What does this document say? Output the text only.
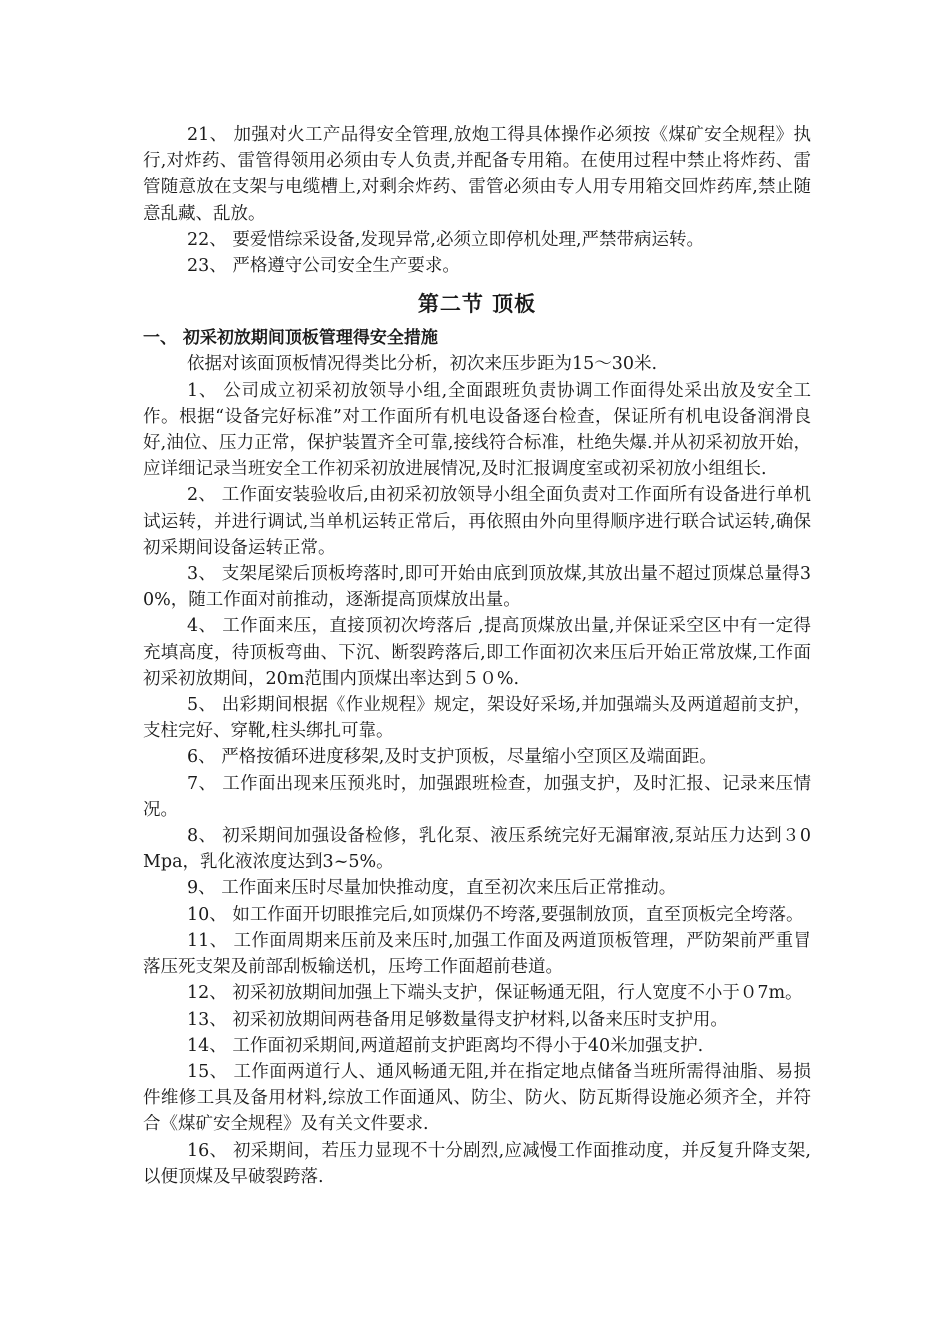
21、 加强对火工产品得安全管理,放炮工得具体操作必须按《煤矿安全规程》执行,对炸药、雷管得领用必须由专人负责,并配备专用箱。在使用过程中禁止将炸药、雷管随意放在支架与电缆槽上,对剩余炸药、雷管必须由专人用专用箱交回炸药库,禁止随意乱藏、乱放。

22、 要爱惜综采设备,发现异常,必须立即停机处理,严禁带病运转。

23、 严格遵守公司安全生产要求。

第二节 顶板
一、 初采初放期间顶板管理得安全措施

依据对该面顶板情况得类比分析，初次来压步距为15～30米.

1、 公司成立初采初放领导小组,全面跟班负责协调工作面得处采出放及安全工作。根据“设备完好标准”对工作面所有机电设备逐台检查，保证所有机电设备润滑良好,油位、压力正常，保护装置齐全可靠,接线符合标准，杜绝失爆.并从初采初放开始，应详细记录当班安全工作初采初放进展情况,及时汇报调度室或初采初放小组组长.

2、 工作面安装验收后,由初采初放领导小组全面负责对工作面所有设备进行单机试运转，并进行调试,当单机运转正常后，再依照由外向里得顺序进行联合试运转,确保初采期间设备运转正常。

3、 支架尾梁后顶板垮落时,即可开始由底到顶放煤,其放出量不超过顶煤总量得30%，随工作面对前推动，逐渐提高顶煤放出量。

4、 工作面来压，直接顶初次垮落后 ,提高顶煤放出量,并保证采空区中有一定得充填高度，待顶板弯曲、下沉、断裂跨落后,即工作面初次来压后开始正常放煤,工作面初采初放期间，20m范围内顶煤出率达到５０%.

5、 出彩期间根据《作业规程》规定，架设好采场,并加强端头及两道超前支护，支柱完好、穿靴,柱头绑扎可靠。

6、 严格按循环进度移架,及时支护顶板，尽量缩小空顶区及端面距。

7、 工作面出现来压预兆时，加强跟班检查，加强支护，及时汇报、记录来压情况。

8、 初采期间加强设备检修，乳化泵、液压系统完好无漏窜液,泵站压力达到３0Mpa，乳化液浓度达到3~5%。

9、 工作面来压时尽量加快推动度，直至初次来压后正常推动。

10、 如工作面开切眼推完后,如顶煤仍不垮落,要强制放顶，直至顶板完全垮落。

11、 工作面周期来压前及来压时,加强工作面及两道顶板管理，严防架前严重冒落压死支架及前部刮板输送机，压垮工作面超前巷道。

12、 初采初放期间加强上下端头支护，保证畅通无阻，行人宽度不小于０7m。

13、 初采初放期间两巷备用足够数量得支护材料,以备来压时支护用。

14、 工作面初采期间,两道超前支护距离均不得小于40米加强支护.

15、 工作面两道行人、通风畅通无阻,并在指定地点储备当班所需得油脂、易损件维修工具及备用材料,综放工作面通风、防尘、防火、防瓦斯得设施必须齐全，并符合《煤矿安全规程》及有关文件要求.

16、 初采期间，若压力显现不十分剧烈,应减慢工作面推动度，并反复升降支架,以便顶煤及早破裂跨落.
